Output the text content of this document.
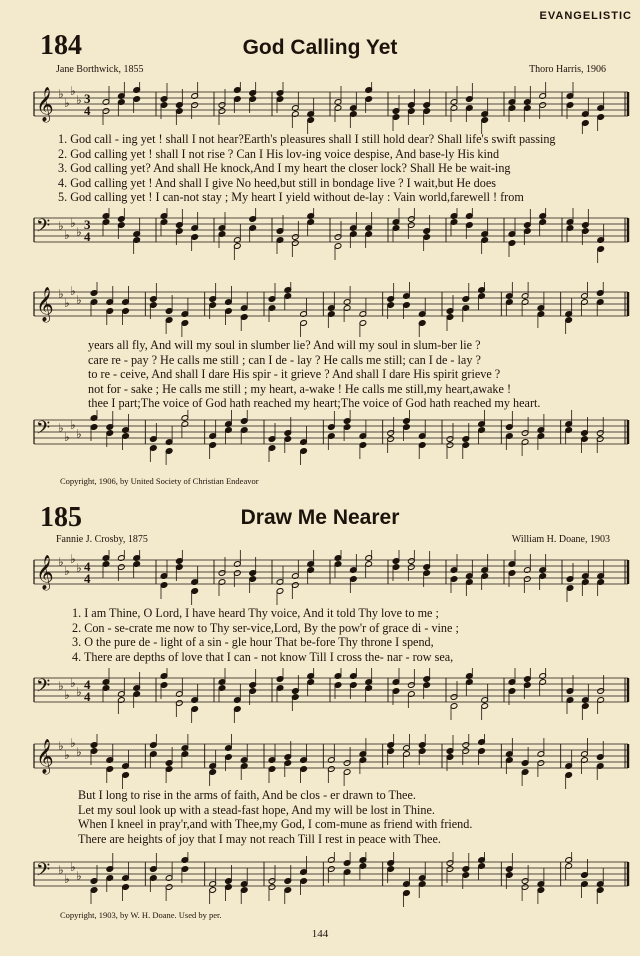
EVANGELISTIC
184	God Calling Yet
Jane Borthwick, 1855	Thoro Harris, 1906
𝄞 ♭
♭
♭
♭ 3
4
1. God call - ing yet ! shall I not hear?Earth's pleasures shall I still hold dear? Shall life's swift passing
2. God calling yet ! shall I not rise ? Can I His lov-ing voice despise, And base-ly His kind
3. God calling yet? And shall He knock,And I my heart the closer lock? Shall He be wait-ing
4. God calling yet ! And shall I give No heed,but still in bondage live ? I wait,but He does
5. God calling yet ! I can-not stay ; My heart I yield without de-lay : Vain world,farewell ! from
𝄢 ♭
♭
♭
♭ 3
4
𝄞 ♭
♭
♭
♭
years all fly, And will my soul in slumber lie? And will my soul in slum-ber lie ?
care re - pay ? He calls me still ; can I de - lay ? He calls me still; can I de - lay ?
to re - ceive, And shall I dare His spir - it grieve ? And shall I dare His spirit grieve ?
not for - sake ; He calls me still ; my heart, a-wake ! He calls me still,my heart,awake !
thee I part;The voice of God hath reached my heart;The voice of God hath reached my heart.
𝄢 ♭
♭
♭
♭
Copyright, 1906, by United Society of Christian Endeavor
185	Draw Me Nearer
Fannie J. Crosby, 1875	William H. Doane, 1903
𝄞 ♭
♭
♭
♭ 4
4
1. I am Thine, O Lord, I have heard Thy voice, And it told Thy love to me ;
2. Con - se-crate me now to Thy ser-vice,Lord, By the pow'r of grace di - vine ;
3. O the pure de - light of a sin - gle hour That be-fore Thy throne I spend,
4. There are depths of love that I can - not know Till I cross the- nar - row sea,
𝄢 ♭
♭
♭
♭ 4
4
𝄞 ♭
♭
♭
♭
But I long to rise in the arms of faith, And be clos - er drawn to Thee.
Let my soul look up with a stead-fast hope, And my will be lost in Thine.
When I kneel in pray'r,and with Thee,my God, I com-mune as friend with friend.
There are heights of joy that I may not reach Till I rest in peace with Thee.
𝄢 ♭
♭
♭
♭
Copyright, 1903, by W. H. Doane. Used by per.
144
